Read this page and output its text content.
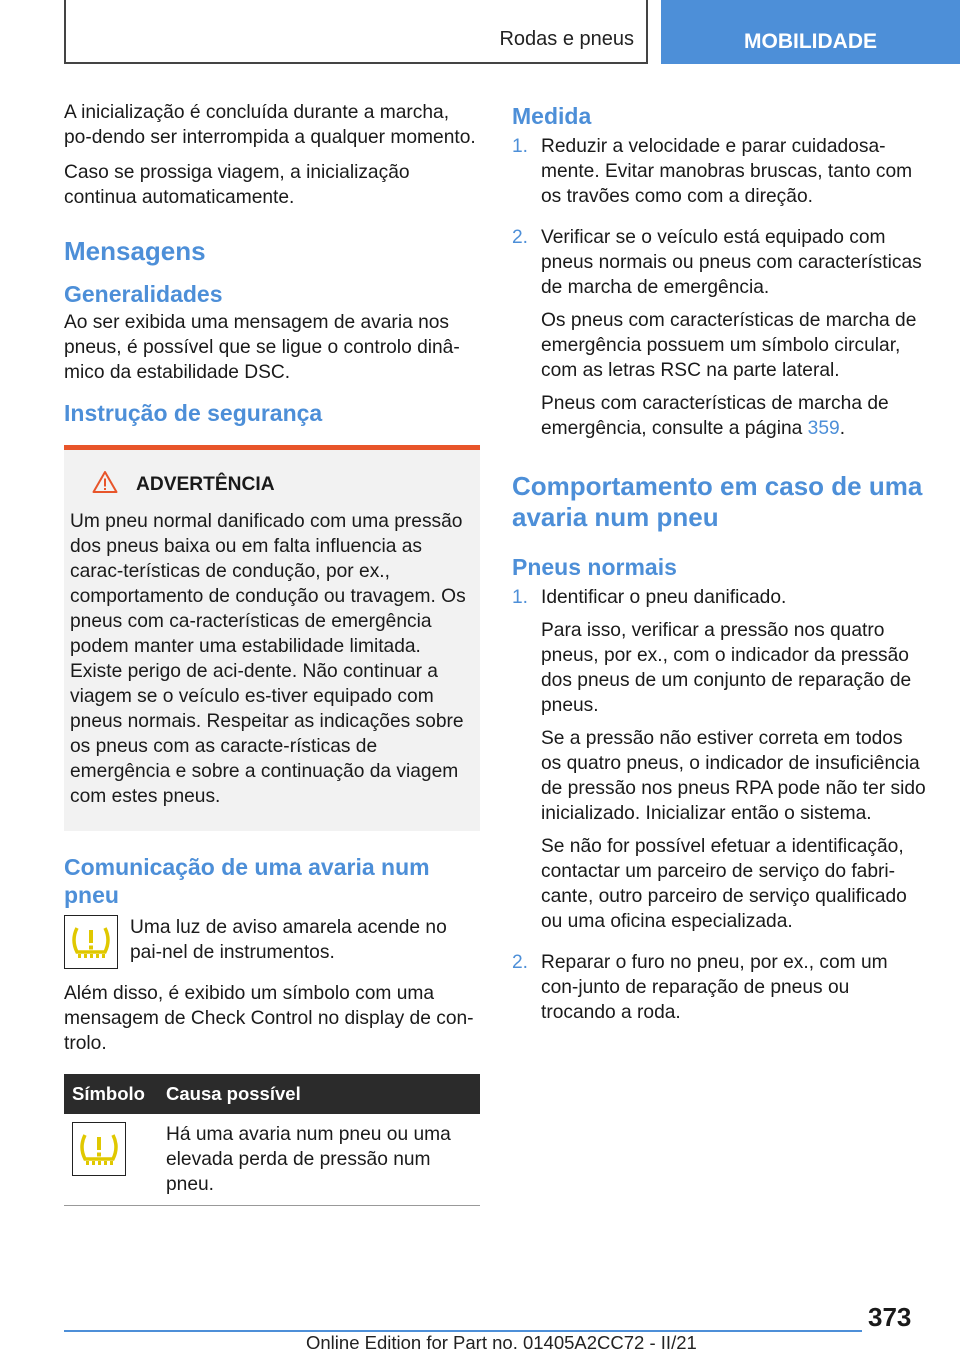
Rodas e pneus	MOBILIDADE

A inicialização é concluída durante a marcha, po-dendo ser interrompida a qualquer momento.

Caso se prossiga viagem, a inicialização continua automaticamente.

Mensagens
Generalidades

Ao ser exibida uma mensagem de avaria nos pneus, é possível que se ligue o controlo dinâ-mico da estabilidade DSC.

Instrução de segurança
ADVERTÊNCIA

Um pneu normal danificado com uma pressão dos pneus baixa ou em falta influencia as carac-terísticas de condução, por ex., comportamento de condução ou travagem. Os pneus com ca-racterísticas de emergência podem manter uma estabilidade limitada. Existe perigo de aci-dente. Não continuar a viagem se o veículo es-tiver equipado com pneus normais. Respeitar as indicações sobre os pneus com as caracte-rísticas de emergência e sobre a continuação da viagem com estes pneus.

Comunicação de uma avaria num pneu

Uma luz de aviso amarela acende no pai-nel de instrumentos.

Além disso, é exibido um símbolo com uma mensagem de Check Control no display de con-trolo.

Símbolo	Causa possível

	Há uma avaria num pneu ou uma elevada perda de pressão num pneu.
Medida
1. Reduzir a velocidade e parar cuidadosa-mente. Evitar manobras bruscas, tanto com os travões como com a direção.

2. Verificar se o veículo está equipado com pneus normais ou pneus com características de marcha de emergência.

Os pneus com características de marcha de emergência possuem um símbolo circular, com as letras RSC na parte lateral.

Pneus com características de marcha de emergência, consulte a página 359.

Comportamento em caso de uma avaria num pneu
Pneus normais
1. Identificar o pneu danificado.

Para isso, verificar a pressão nos quatro pneus, por ex., com o indicador da pressão dos pneus de um conjunto de reparação de pneus.

Se a pressão não estiver correta em todos os quatro pneus, o indicador de insuficiência de pressão nos pneus RPA pode não ter sido inicializado. Inicializar então o sistema.

Se não for possível efetuar a identificação, contactar um parceiro de serviço do fabri-cante, outro parceiro de serviço qualificado ou uma oficina especializada.

2. Reparar o furo no pneu, por ex., com um con-junto de reparação de pneus ou trocando a roda.

373
Online Edition for Part no. 01405A2CC72 - II/21
